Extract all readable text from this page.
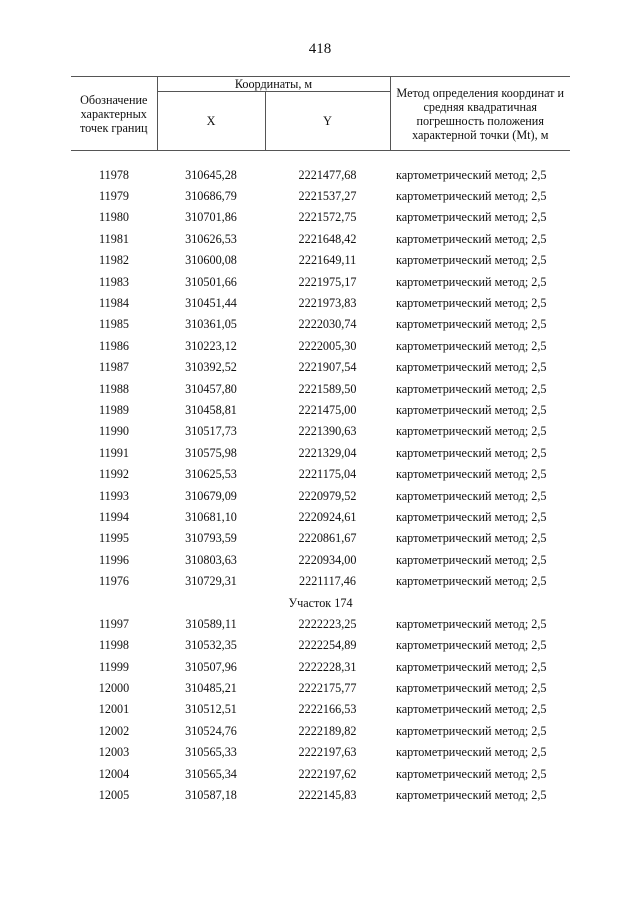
418
Обозначение характерных точек границ	Координаты, м		Метод определения координат и средняя квадратичная погрешность положения характерной точки (Mt), м
	X	Y	

11978	310645,28	2221477,68	картометрический метод; 2,5
11979	310686,79	2221537,27	картометрический метод; 2,5
11980	310701,86	2221572,75	картометрический метод; 2,5
11981	310626,53	2221648,42	картометрический метод; 2,5
11982	310600,08	2221649,11	картометрический метод; 2,5
11983	310501,66	2221975,17	картометрический метод; 2,5
11984	310451,44	2221973,83	картометрический метод; 2,5
11985	310361,05	2222030,74	картометрический метод; 2,5
11986	310223,12	2222005,30	картометрический метод; 2,5
11987	310392,52	2221907,54	картометрический метод; 2,5
11988	310457,80	2221589,50	картометрический метод; 2,5
11989	310458,81	2221475,00	картометрический метод; 2,5
11990	310517,73	2221390,63	картометрический метод; 2,5
11991	310575,98	2221329,04	картометрический метод; 2,5
11992	310625,53	2221175,04	картометрический метод; 2,5
11993	310679,09	2220979,52	картометрический метод; 2,5
11994	310681,10	2220924,61	картометрический метод; 2,5
11995	310793,59	2220861,67	картометрический метод; 2,5
11996	310803,63	2220934,00	картометрический метод; 2,5
11976	310729,31	2221117,46	картометрический метод; 2,5
Участок 174			
11997	310589,11	2222223,25	картометрический метод; 2,5
11998	310532,35	2222254,89	картометрический метод; 2,5
11999	310507,96	2222228,31	картометрический метод; 2,5
12000	310485,21	2222175,77	картометрический метод; 2,5
12001	310512,51	2222166,53	картометрический метод; 2,5
12002	310524,76	2222189,82	картометрический метод; 2,5
12003	310565,33	2222197,63	картометрический метод; 2,5
12004	310565,34	2222197,62	картометрический метод; 2,5
12005	310587,18	2222145,83	картометрический метод; 2,5
